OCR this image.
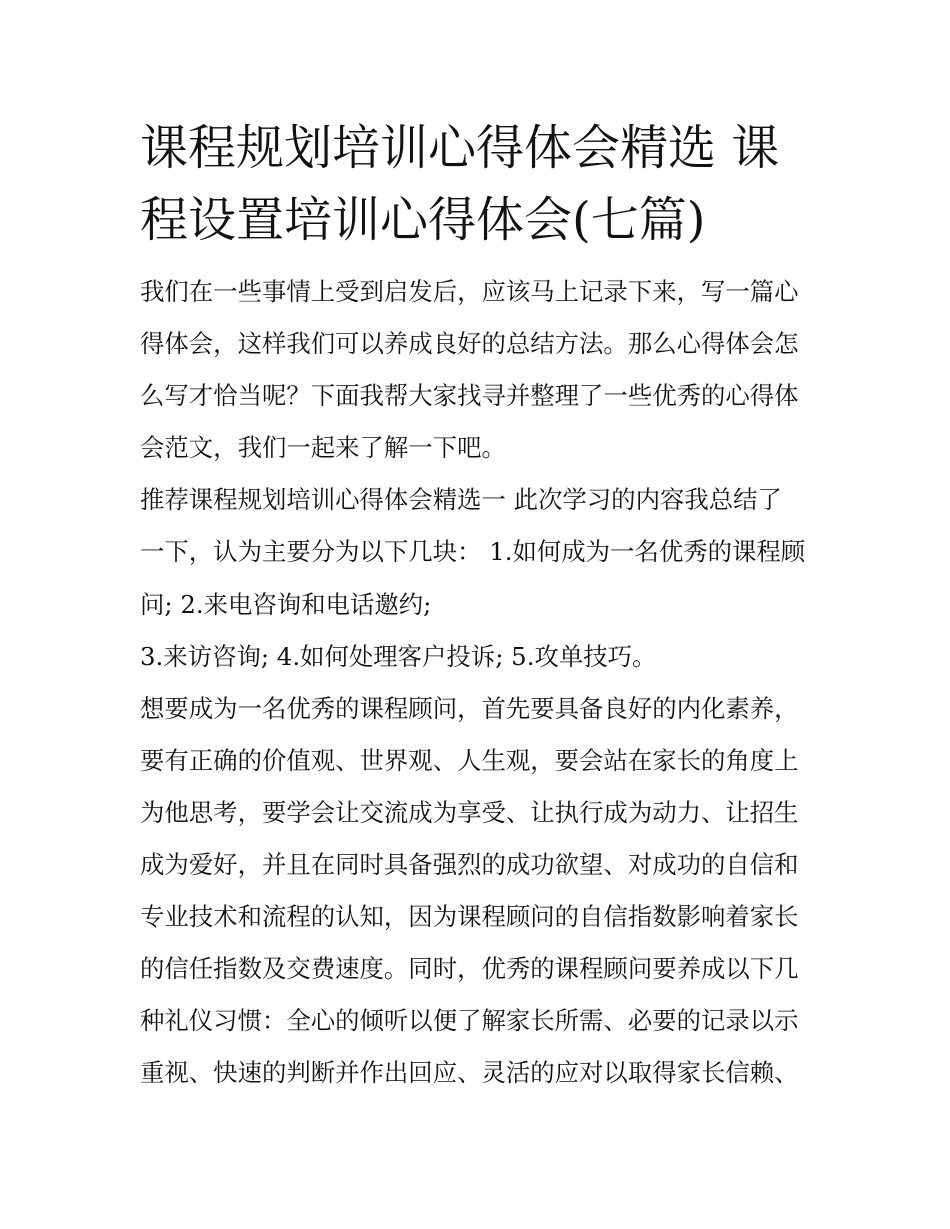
课程规划培训心得体会精选 课
程设置培训心得体会(七篇)

我们在一些事情上受到启发后，应该马上记录下来，写一篇心
得体会，这样我们可以养成良好的总结方法。那么心得体会怎
么写才恰当呢？下面我帮大家找寻并整理了一些优秀的心得体
会范文，我们一起来了解一下吧。

推荐课程规划培训心得体会精选一 此次学习的内容我总结了
一下，认为主要分为以下几块： 1.如何成为一名优秀的课程顾
问; 2.来电咨询和电话邀约;

3.来访咨询; 4.如何处理客户投诉; 5.攻单技巧。

想要成为一名优秀的课程顾问，首先要具备良好的内化素养，
要有正确的价值观、世界观、人生观，要会站在家长的角度上
为他思考，要学会让交流成为享受、让执行成为动力、让招生
成为爱好，并且在同时具备强烈的成功欲望、对成功的自信和
专业技术和流程的认知，因为课程顾问的自信指数影响着家长
的信任指数及交费速度。同时，优秀的课程顾问要养成以下几
种礼仪习惯：全心的倾听以便了解家长所需、必要的记录以示
重视、快速的判断并作出回应、灵活的应对以取得家长信赖、
